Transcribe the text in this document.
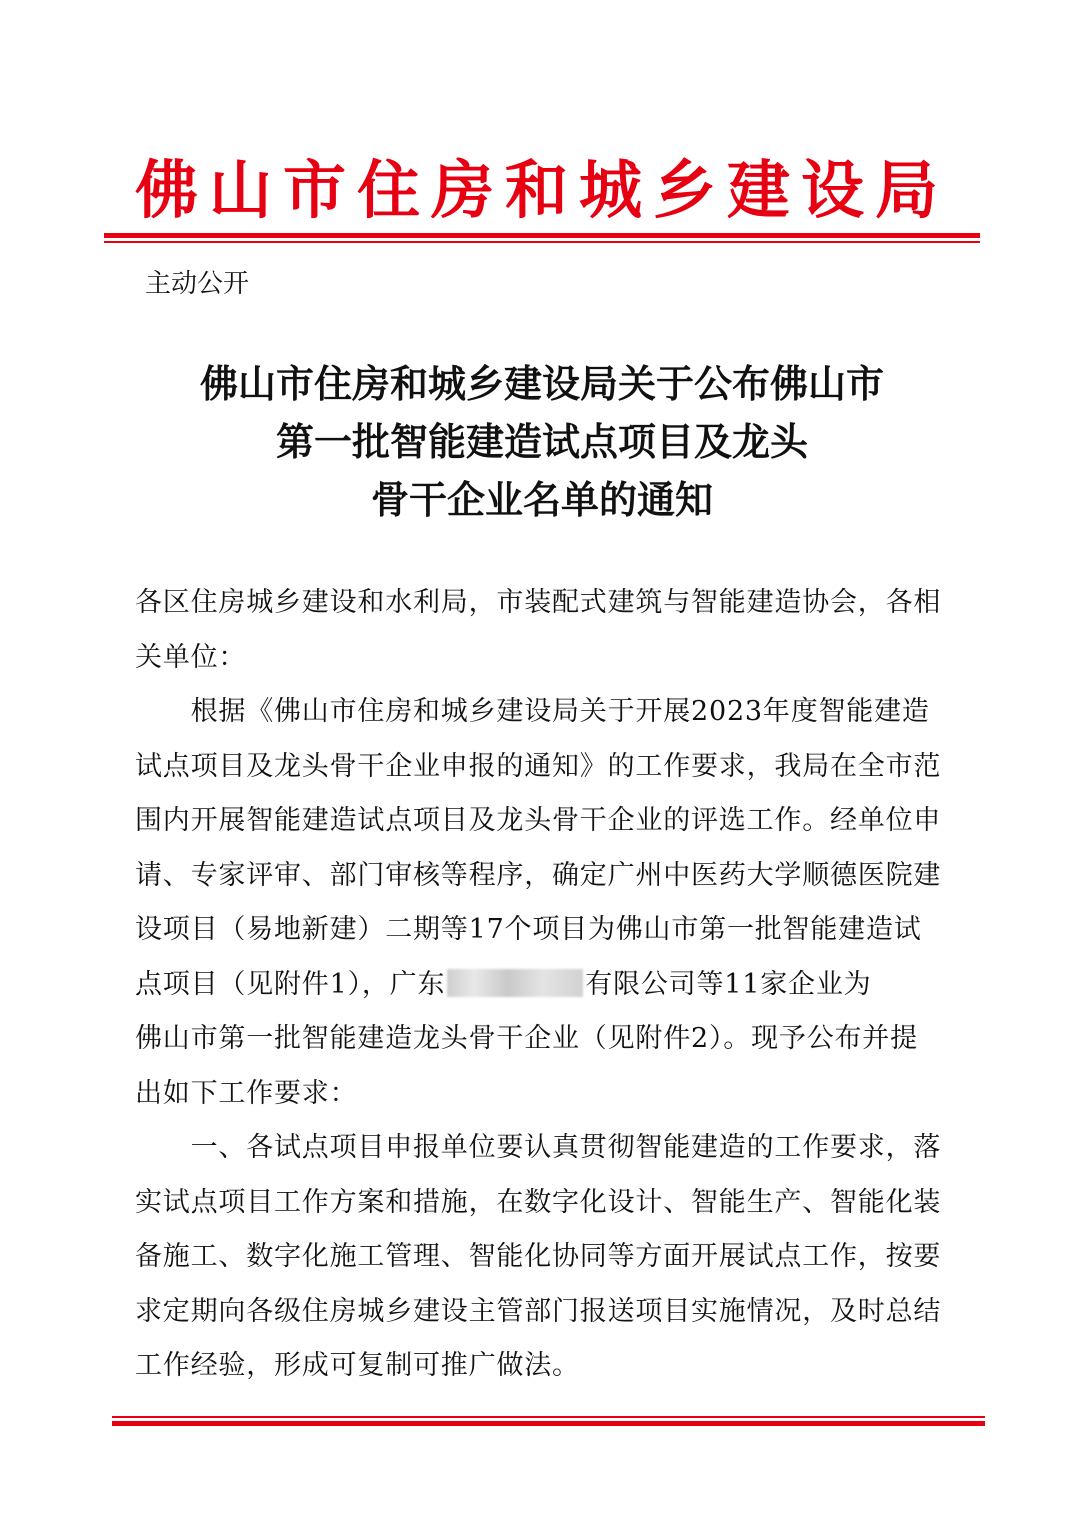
佛山市住房和城乡建设局
主动公开
佛山市住房和城乡建设局关于公布佛山市
第一批智能建造试点项目及龙头
骨干企业名单的通知
各区住房城乡建设和水利局，市装配式建筑与智能建造协会，各相
关单位：
　　根据《佛山市住房和城乡建设局关于开展2023年度智能建造
试点项目及龙头骨干企业申报的通知》的工作要求，我局在全市范
围内开展智能建造试点项目及龙头骨干企业的评选工作。经单位申
请、专家评审、部门审核等程序，确定广州中医药大学顺德医院建
设项目（易地新建）二期等17个项目为佛山市第一批智能建造试
点项目（见附件1），广东	有限公司等11家企业为
佛山市第一批智能建造龙头骨干企业（见附件2）。现予公布并提
出如下工作要求：
　　一、各试点项目申报单位要认真贯彻智能建造的工作要求，落
实试点项目工作方案和措施，在数字化设计、智能生产、智能化装
备施工、数字化施工管理、智能化协同等方面开展试点工作，按要
求定期向各级住房城乡建设主管部门报送项目实施情况，及时总结
工作经验，形成可复制可推广做法。
